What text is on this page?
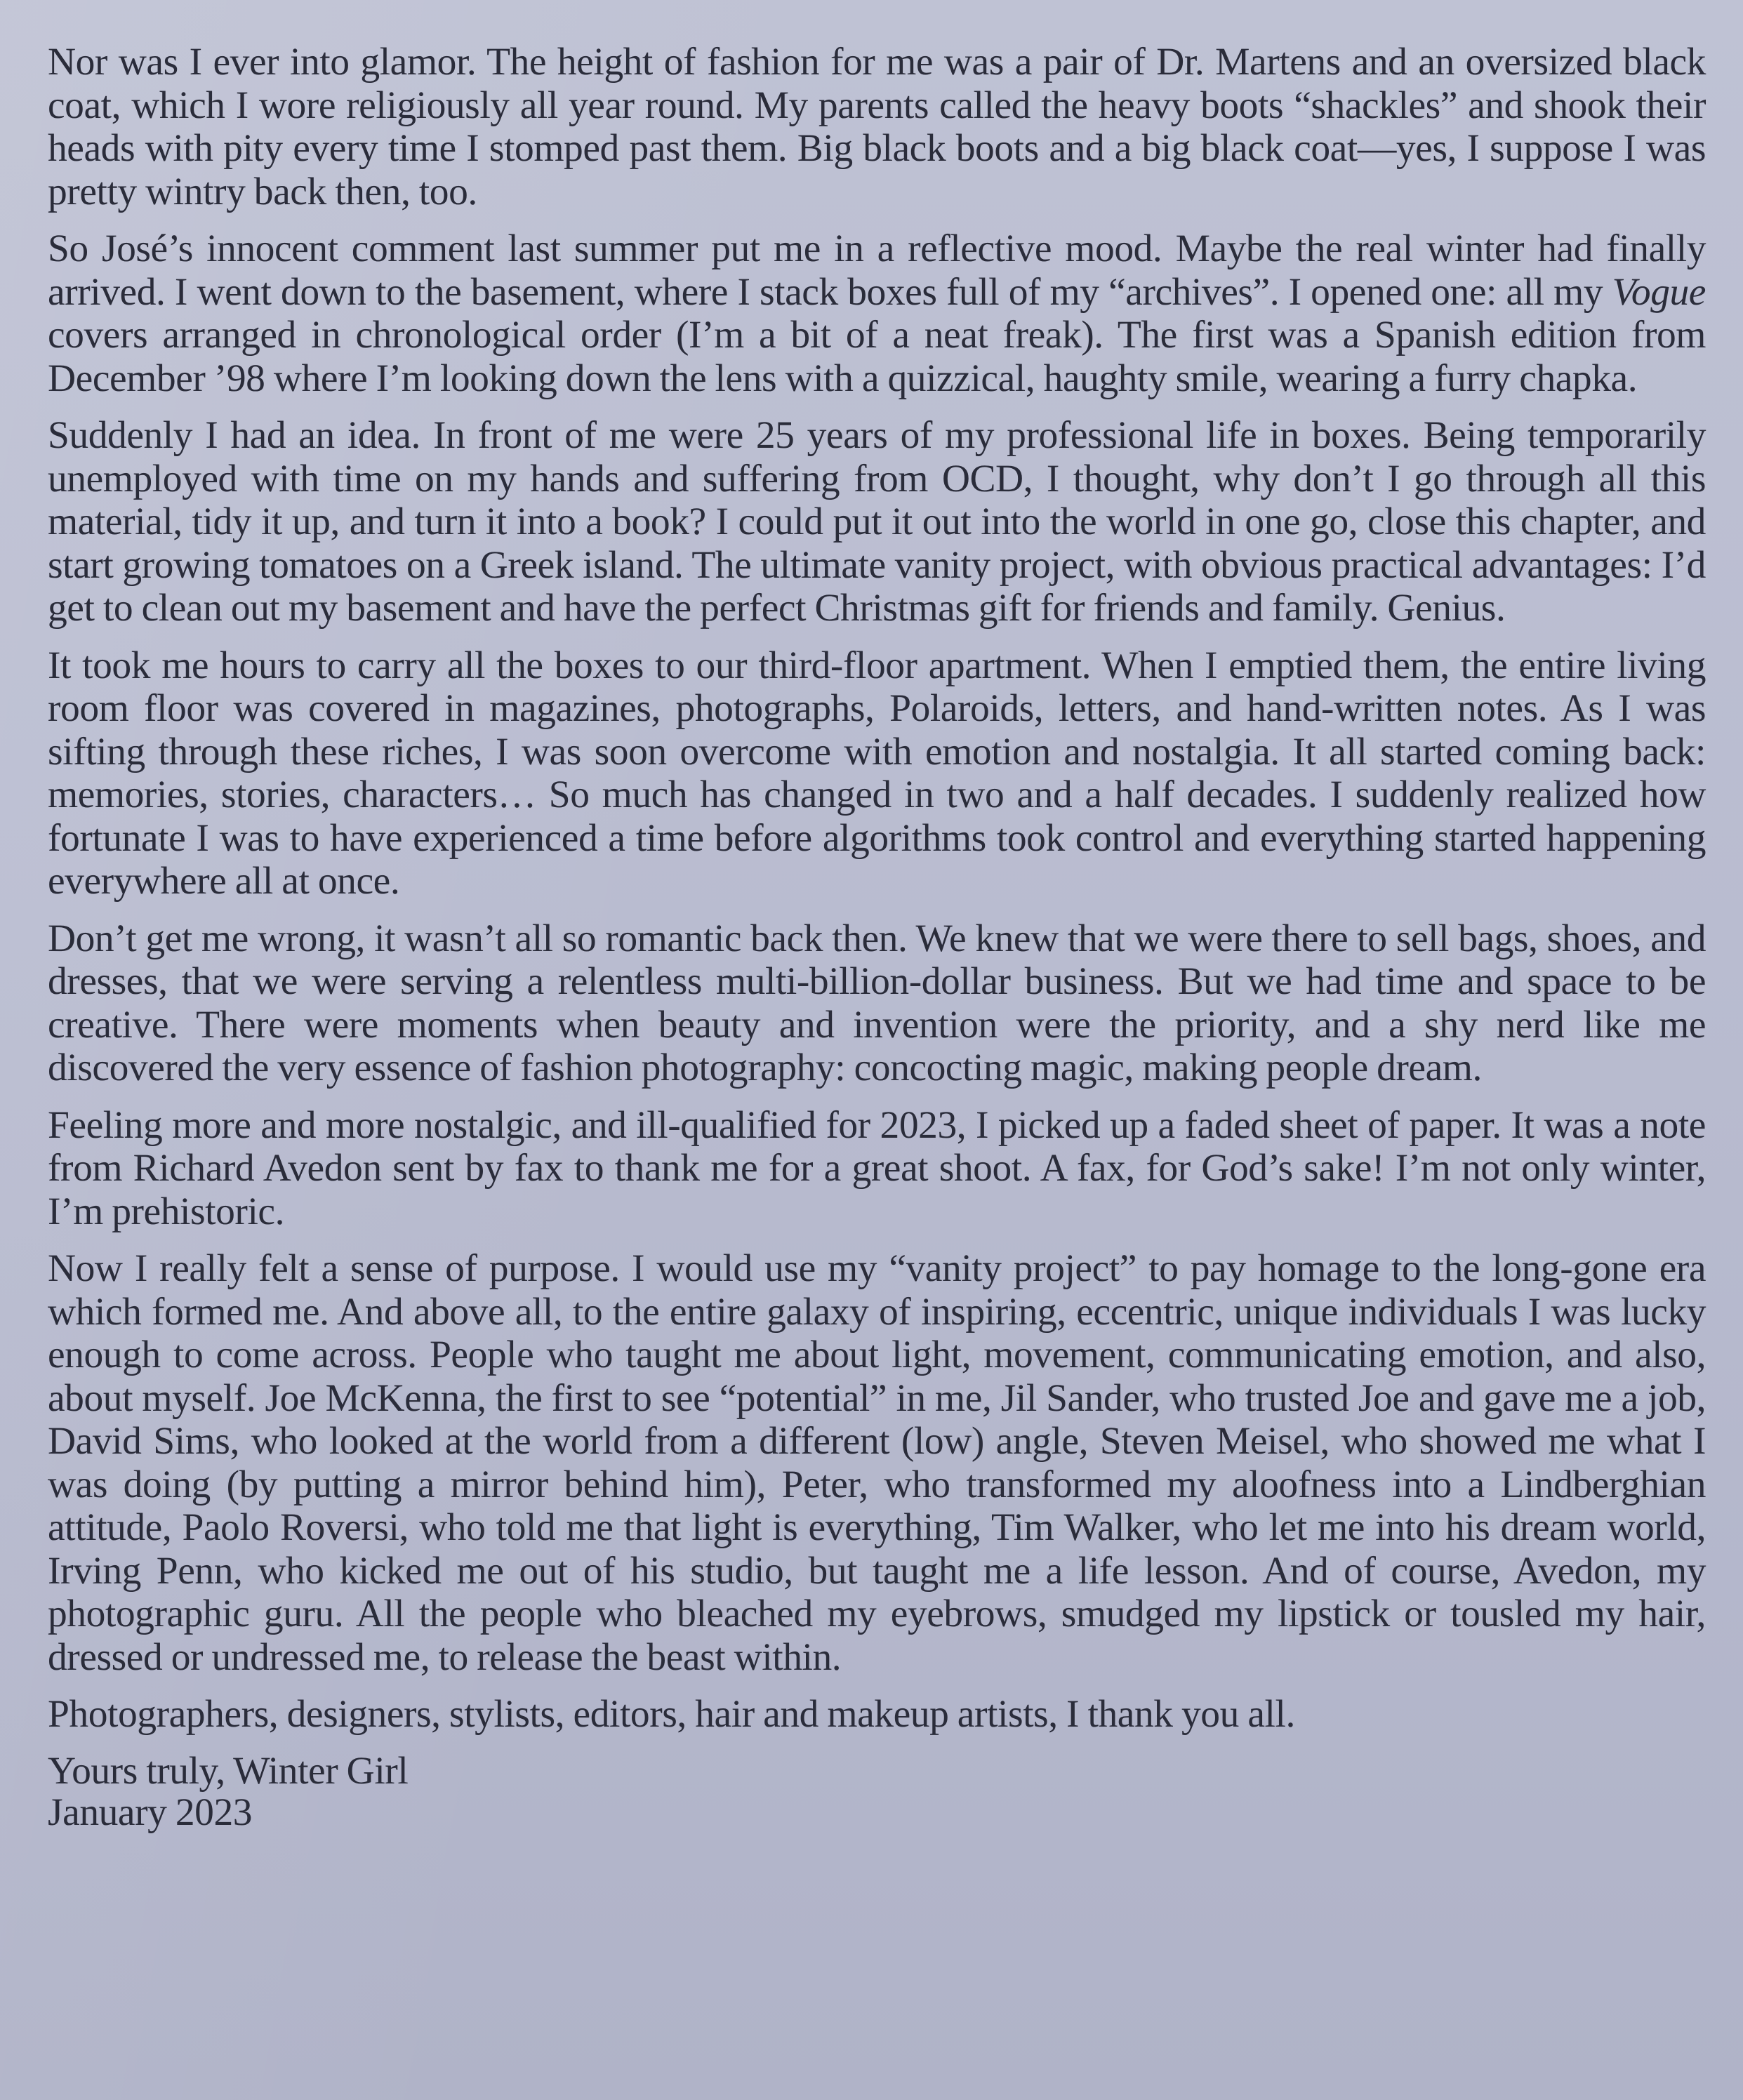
Nor was I ever into glamor. The height of fashion for me was a pair of Dr. Martens and an oversized black coat, which I wore religiously all year round. My parents called the heavy boots “shackles” and shook their heads with pity every time I stomped past them. Big black boots and a big black coat—yes, I suppose I was pretty wintry back then, too.

So José’s innocent comment last summer put me in a reflective mood. Maybe the real winter had finally arrived. I went down to the basement, where I stack boxes full of my “archives”. I opened one: all my Vogue covers arranged in chronological order (I’m a bit of a neat freak). The first was a Spanish edition from December ’98 where I’m looking down the lens with a quizzical, haughty smile, wearing a furry chapka.

Suddenly I had an idea. In front of me were 25 years of my professional life in boxes. Being temporarily unemployed with time on my hands and suffering from OCD, I thought, why don’t I go through all this material, tidy it up, and turn it into a book? I could put it out into the world in one go, close this chapter, and start growing tomatoes on a Greek island. The ultimate vanity project, with obvious practical advantages: I’d get to clean out my basement and have the perfect Christmas gift for friends and family. Genius.

It took me hours to carry all the boxes to our third-floor apartment. When I emptied them, the entire living room floor was covered in magazines, photographs, Polaroids, letters, and hand-written notes. As I was sifting through these riches, I was soon overcome with emotion and nostalgia. It all started coming back: memories, stories, characters… So much has changed in two and a half decades. I suddenly realized how fortunate I was to have experienced a time before algorithms took control and everything started happening everywhere all at once.

Don’t get me wrong, it wasn’t all so romantic back then. We knew that we were there to sell bags, shoes, and dresses, that we were serving a relentless multi-billion-dollar business. But we had time and space to be creative. There were moments when beauty and invention were the priority, and a shy nerd like me discovered the very essence of fashion photography: concocting magic, making people dream.

Feeling more and more nostalgic, and ill-qualified for 2023, I picked up a faded sheet of paper. It was a note from Richard Avedon sent by fax to thank me for a great shoot. A fax, for God’s sake! I’m not only winter, I’m prehistoric.

Now I really felt a sense of purpose. I would use my “vanity project” to pay homage to the long-gone era which formed me. And above all, to the entire galaxy of inspiring, eccentric, unique individuals I was lucky enough to come across. People who taught me about light, movement, communicating emotion, and also, about myself. Joe McKenna, the first to see “potential” in me, Jil Sander, who trusted Joe and gave me a job, David Sims, who looked at the world from a different (low) angle, Steven Meisel, who showed me what I was doing (by putting a mirror behind him), Peter, who transformed my aloofness into a Lindberghian attitude, Paolo Roversi, who told me that light is everything, Tim Walker, who let me into his dream world, Irving Penn, who kicked me out of his studio, but taught me a life lesson. And of course, Avedon, my photographic guru. All the people who bleached my eyebrows, smudged my lipstick or tousled my hair, dressed or undressed me, to release the beast within.

Photographers, designers, stylists, editors, hair and makeup artists, I thank you all.

Yours truly, Winter Girl
January 2023
